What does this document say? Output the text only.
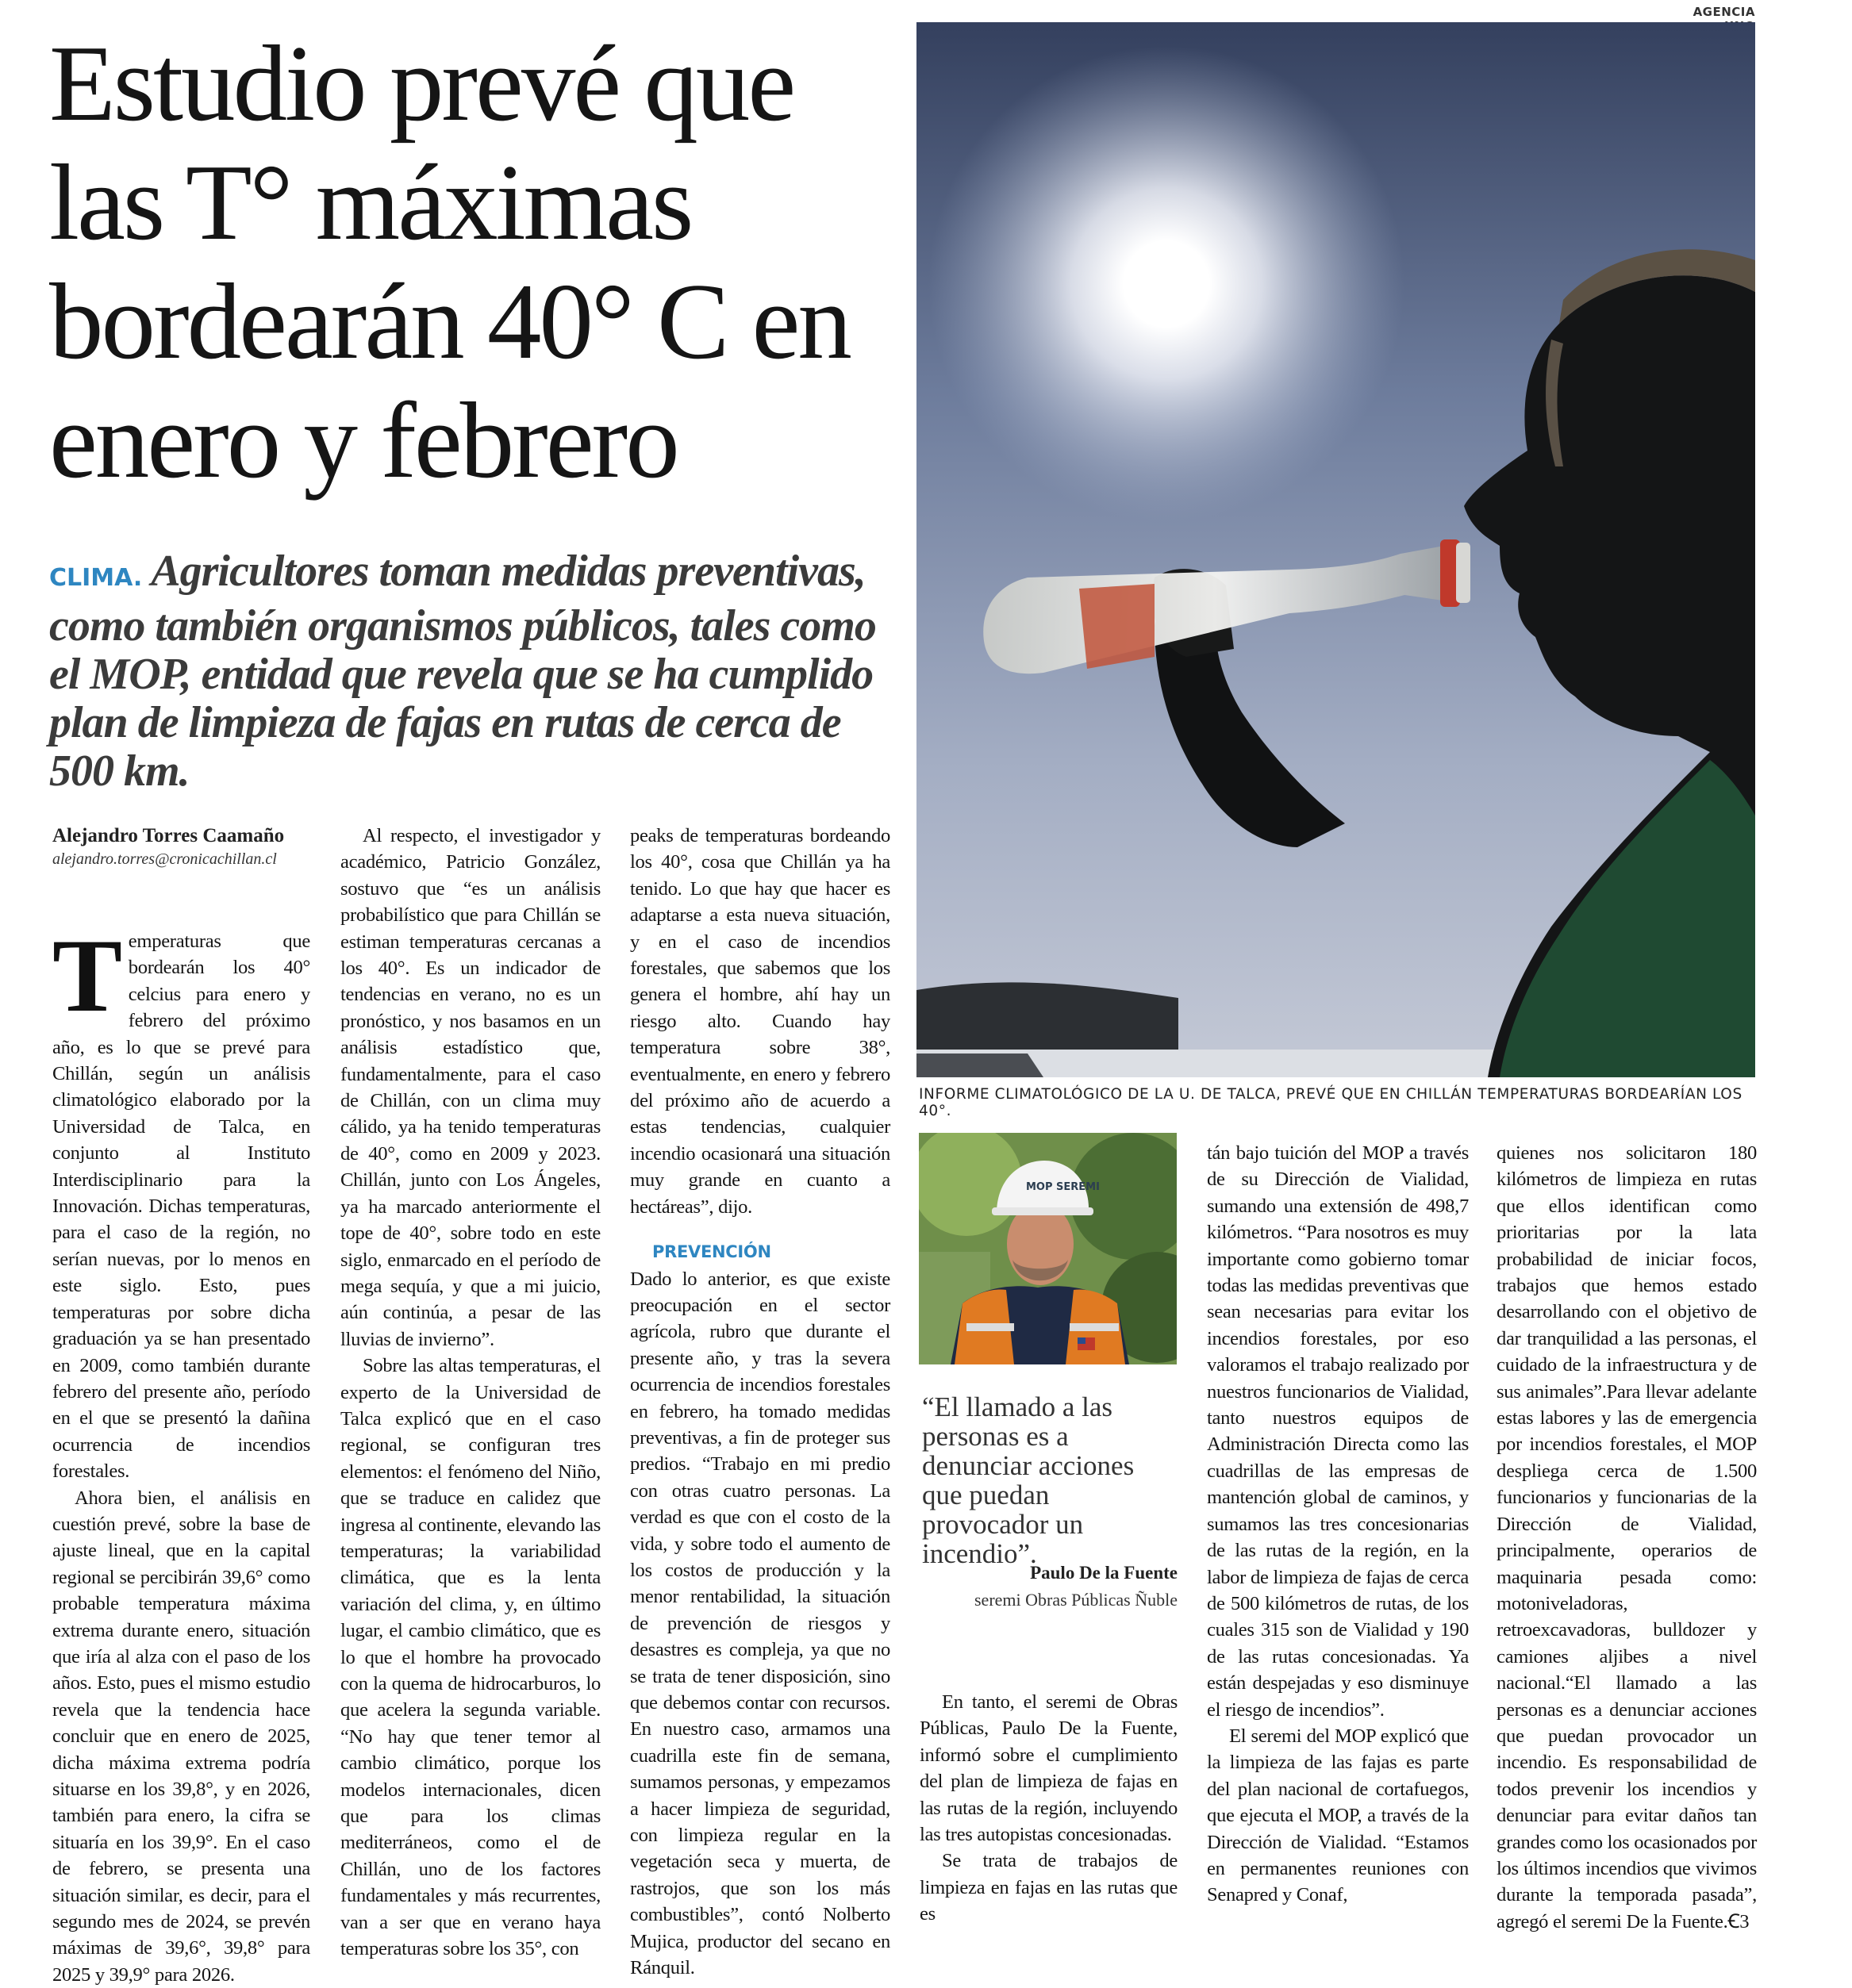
Estudio prevé que las T° máximas bordearán 40° C en enero y febrero

CLIMA. Agricultores toman medidas preventivas, como también organismos públicos, tales como el MOP, entidad que revela que se ha cumplido plan de limpieza de fajas en rutas de cerca de 500 km.

AGENCIA
INFORME CLIMATOLÓGICO DE LA U. DE TALCA, PREVÉ QUE EN CHILLÁN TEMPERATURAS BORDEARÍAN LOS 40°.
Alejandro Torres Caamaño
alejandro.torres@cronicachillan.cl

Temperaturas que bordearán los 40° celcius para enero y febrero del próximo año, es lo que se prevé para Chillán, según un análisis climatológico elaborado por la Universidad de Talca, en conjunto al Instituto Interdisciplinario para la Innovación. Dichas temperaturas, para el caso de la región, no serían nuevas, por lo menos en este siglo. Esto, pues temperaturas por sobre dicha graduación ya se han presentado en 2009, como también durante febrero del presente año, período en el que se presentó la dañina ocurrencia de incendios forestales.

Ahora bien, el análisis en cuestión prevé, sobre la base de ajuste lineal, que en la capital regional se percibirán 39,6° como probable temperatura máxima extrema durante enero, situación que iría al alza con el paso de los años. Esto, pues el mismo estudio revela que la tendencia hace concluir que en enero de 2025, dicha máxima extrema podría situarse en los 39,8°, y en 2026, también para enero, la cifra se situaría en los 39,9°. En el caso de febrero, se presenta una situación similar, es decir, para el segundo mes de 2024, se prevén máximas de 39,6°, 39,8° para 2025 y 39,9° para 2026.

Al respecto, el investigador y académico, Patricio González, sostuvo que “es un análisis probabilístico que para Chillán se estiman temperaturas cercanas a los 40°. Es un indicador de tendencias en verano, no es un pronóstico, y nos basamos en un análisis estadístico que, fundamentalmente, para el caso de Chillán, con un clima muy cálido, ya ha tenido temperaturas de 40°, como en 2009 y 2023. Chillán, junto con Los Ángeles, ya ha marcado anteriormente el tope de 40°, sobre todo en este siglo, enmarcado en el período de mega sequía, y que a mi juicio, aún continúa, a pesar de las lluvias de invierno”.

Sobre las altas temperaturas, el experto de la Universidad de Talca explicó que en el caso regional, se configuran tres elementos: el fenómeno del Niño, que se traduce en calidez que ingresa al continente, elevando las temperaturas; la variabilidad climática, que es la lenta variación del clima, y, en último lugar, el cambio climático, que es lo que el hombre ha provocado con la quema de hidrocarburos, lo que acelera la segunda variable. “No hay que tener temor al cambio climático, porque los modelos internacionales, dicen que para los climas mediterráneos, como el de Chillán, uno de los factores fundamentales y más recurrentes, van a ser que en verano haya temperaturas sobre los 35°, con

peaks de temperaturas bordeando los 40°, cosa que Chillán ya ha tenido. Lo que hay que hacer es adaptarse a esta nueva situación, y en el caso de incendios forestales, que sabemos que los genera el hombre, ahí hay un riesgo alto. Cuando hay temperatura sobre 38°, eventualmente, en enero y febrero del próximo año de acuerdo a estas tendencias, cualquier incendio ocasionará una situación muy grande en cuanto a hectáreas”, dijo.

PREVENCIÓN

Dado lo anterior, es que existe preocupación en el sector agrícola, rubro que durante el presente año, y tras la severa ocurrencia de incendios forestales en febrero, ha tomado medidas preventivas, a fin de proteger sus predios. “Trabajo en mi predio con otras cuatro personas. La verdad es que con el costo de la vida, y sobre todo el aumento de los costos de producción y la menor rentabilidad, la situación de prevención de riesgos y desastres es compleja, ya que no se trata de tener disposición, sino que debemos contar con recursos. En nuestro caso, armamos una cuadrilla este fin de semana, sumamos personas, y empezamos a hacer limpieza de seguridad, con limpieza regular en la vegetación seca y muerta, de rastrojos, que son los más combustibles”, contó Nolberto Mujica, productor del secano en Ránquil.

MOP SEREMI

“El llamado a las personas es a denunciar acciones que puedan provocador un incendio”.

Paulo De la Fuente
seremi Obras Públicas Ñuble

En tanto, el seremi de Obras Públicas, Paulo De la Fuente, informó sobre el cumplimiento del plan de limpieza de fajas en las rutas de la región, incluyendo las tres autopistas concesionadas.

Se trata de trabajos de limpieza en fajas en las rutas que es

tán bajo tuición del MOP a través de su Dirección de Vialidad, sumando una extensión de 498,7 kilómetros. “Para nosotros es muy importante como gobierno tomar todas las medidas preventivas que sean necesarias para evitar los incendios forestales, por eso valoramos el trabajo realizado por nuestros funcionarios de Vialidad, tanto nuestros equipos de Administración Directa como las cuadrillas de las empresas de mantención global de caminos, y sumamos las tres concesionarias de las rutas de la región, en la labor de limpieza de fajas de cerca de 500 kilómetros de rutas, de los cuales 315 son de Vialidad y 190 de las rutas concesionadas. Ya están despejadas y eso disminuye el riesgo de incendios”.

El seremi del MOP explicó que la limpieza de las fajas es parte del plan nacional de cortafuegos, que ejecuta el MOP, a través de la Dirección de Vialidad. “Estamos en permanentes reuniones con Senapred y Conaf,

quienes nos solicitaron 180 kilómetros de limpieza en rutas que ellos identifican como prioritarias por la lata probabilidad de iniciar focos, trabajos que hemos estado desarrollando con el objetivo de dar tranquilidad a las personas, el cuidado de la infraestructura y de sus animales”.Para llevar adelante estas labores y las de emergencia por incendios forestales, el MOP despliega cerca de 1.500 funcionarios y funcionarias de la Dirección de Vialidad, principalmente, operarios de maquinaria pesada como: motoniveladoras, retroexcavadoras, bulldozer y camiones aljibes a nivel nacional.“El llamado a las personas es a denunciar acciones que puedan provocador un incendio. Es responsabilidad de todos prevenir los incendios y denunciar para evitar daños tan grandes como los ocasionados por los últimos incendios que vivimos durante la temporada pasada”, agregó el seremi De la Fuente.Ꞓ3
